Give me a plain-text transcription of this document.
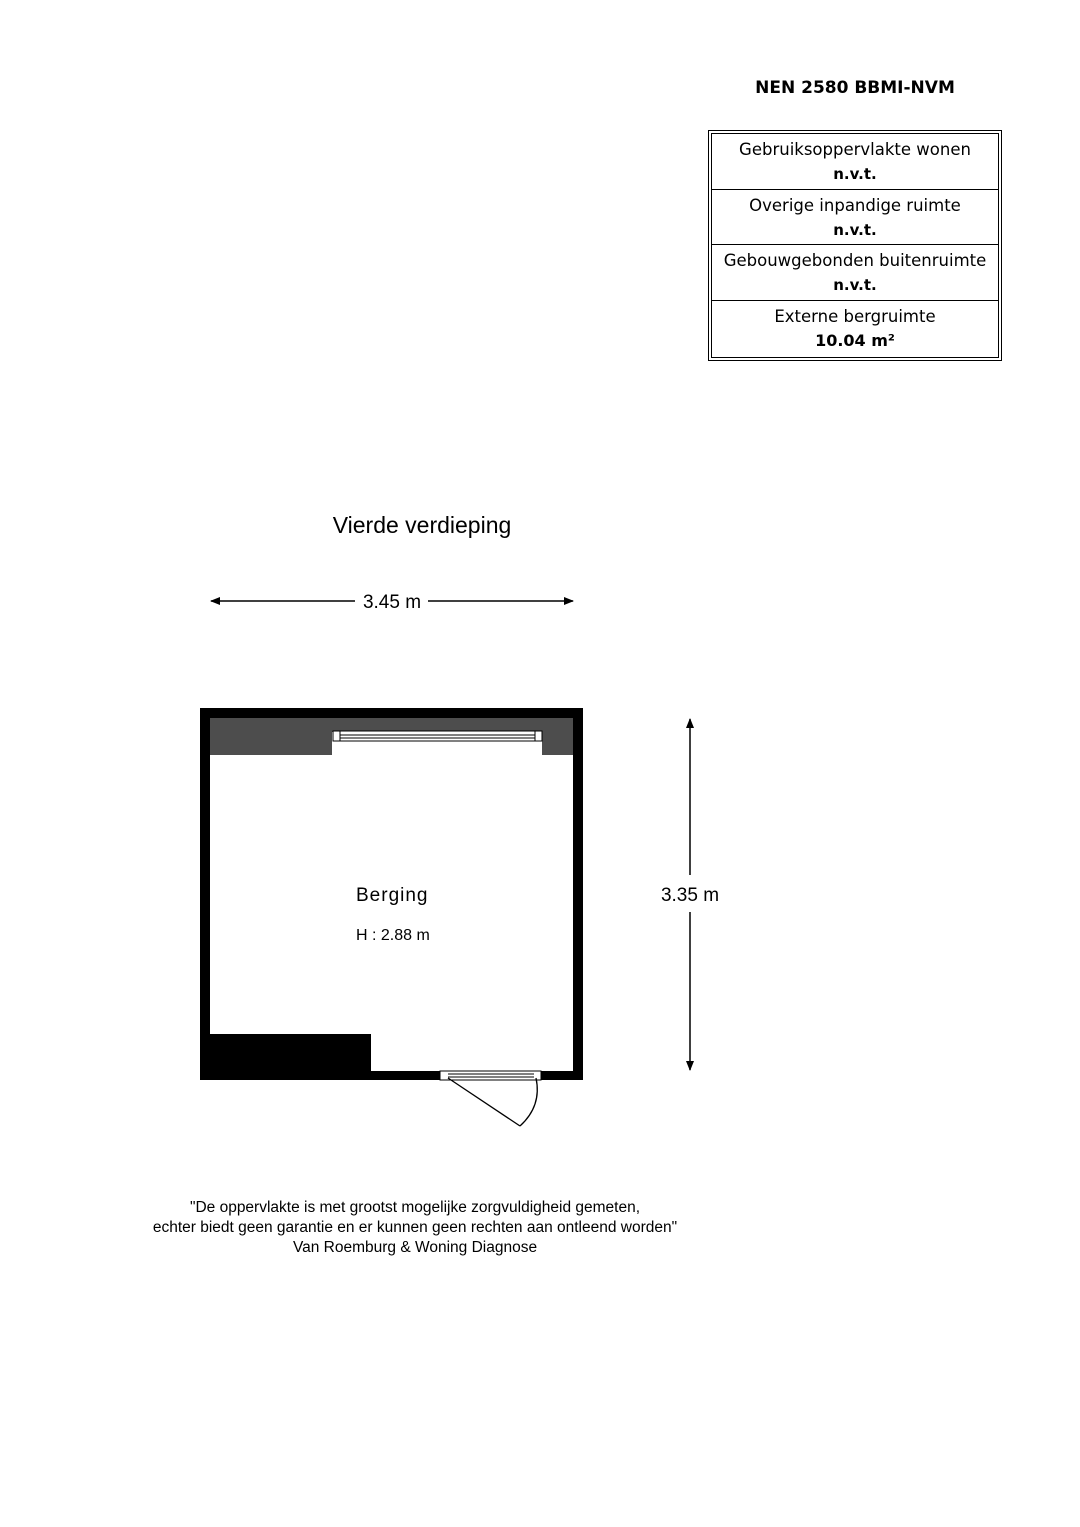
NEN 2580 BBMI-NVM
Gebruiksoppervlakte wonen
n.v.t.
Overige inpandige ruimte
n.v.t.
Gebouwgebonden buitenruimte
n.v.t.
Externe bergruimte
10.04 m²
Vierde verdieping
3.45 m
3.35 m
Berging
H : 2.88 m
"De oppervlakte is met grootst mogelijke zorgvuldigheid gemeten,
echter biedt geen garantie en er kunnen geen rechten aan ontleend worden"
Van Roemburg & Woning Diagnose
